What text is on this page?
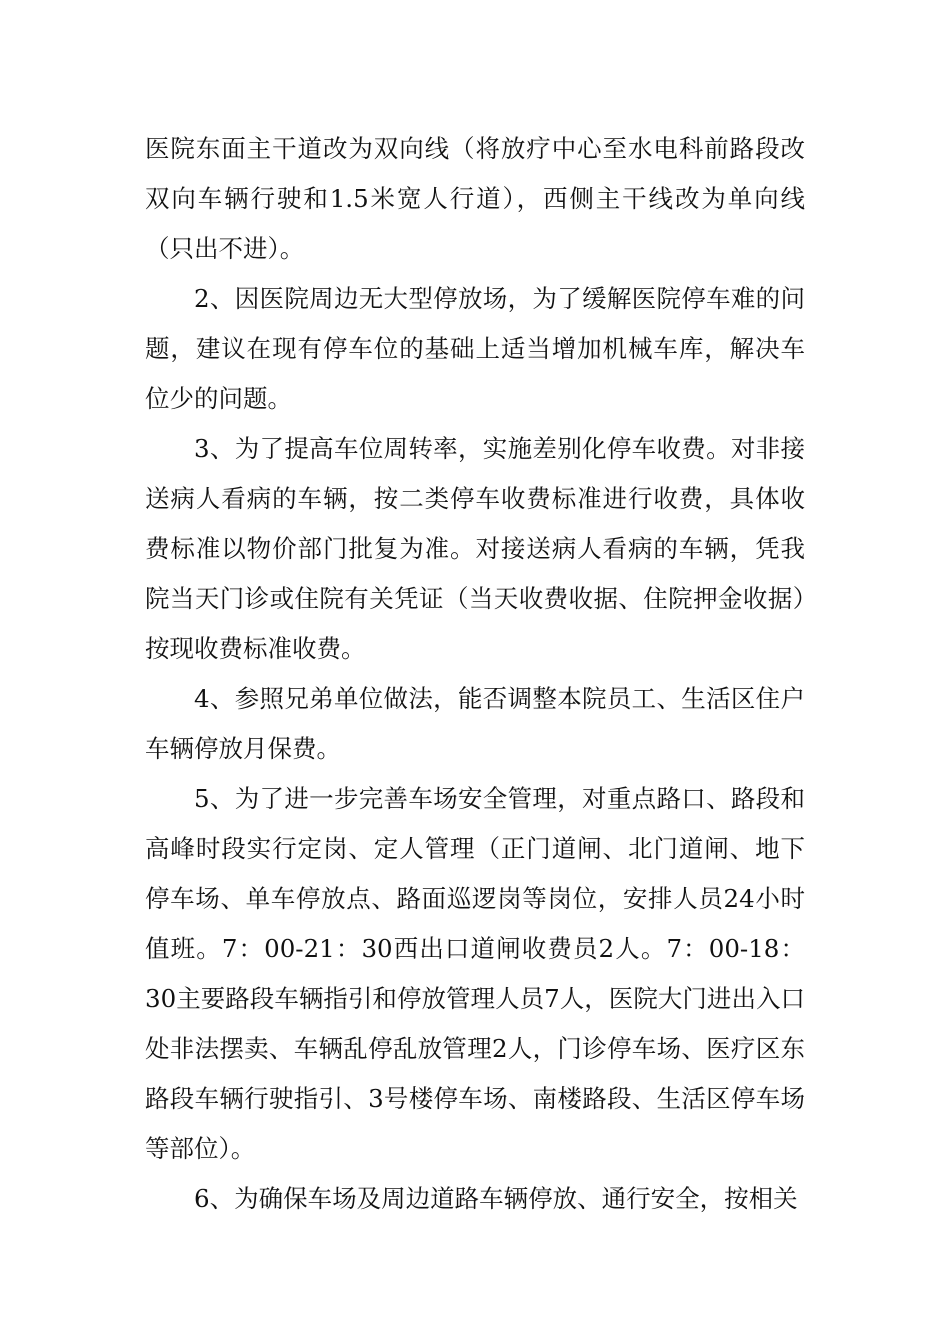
医院东面主干道改为双向线（将放疗中心至水电科前路段改双向车辆行驶和1.5米宽人行道），西侧主干线改为单向线（只出不进）。

2、因医院周边无大型停放场，为了缓解医院停车难的问题，建议在现有停车位的基础上适当增加机械车库，解决车位少的问题。

3、为了提高车位周转率，实施差别化停车收费。对非接送病人看病的车辆，按二类停车收费标准进行收费，具体收费标准以物价部门批复为准。对接送病人看病的车辆，凭我院当天门诊或住院有关凭证（当天收费收据、住院押金收据）按现收费标准收费。

4、参照兄弟单位做法，能否调整本院员工、生活区住户车辆停放月保费。

5、为了进一步完善车场安全管理，对重点路口、路段和高峰时段实行定岗、定人管理（正门道闸、北门道闸、地下停车场、单车停放点、路面巡逻岗等岗位，安排人员24小时值班。7：00-21：30西出口道闸收费员2人。7：00-18：30主要路段车辆指引和停放管理人员7人，医院大门进出入口处非法摆卖、车辆乱停乱放管理2人，门诊停车场、医疗区东路段车辆行驶指引、3号楼停车场、南楼路段、生活区停车场等部位）。

6、为确保车场及周边道路车辆停放、通行安全，按相关
